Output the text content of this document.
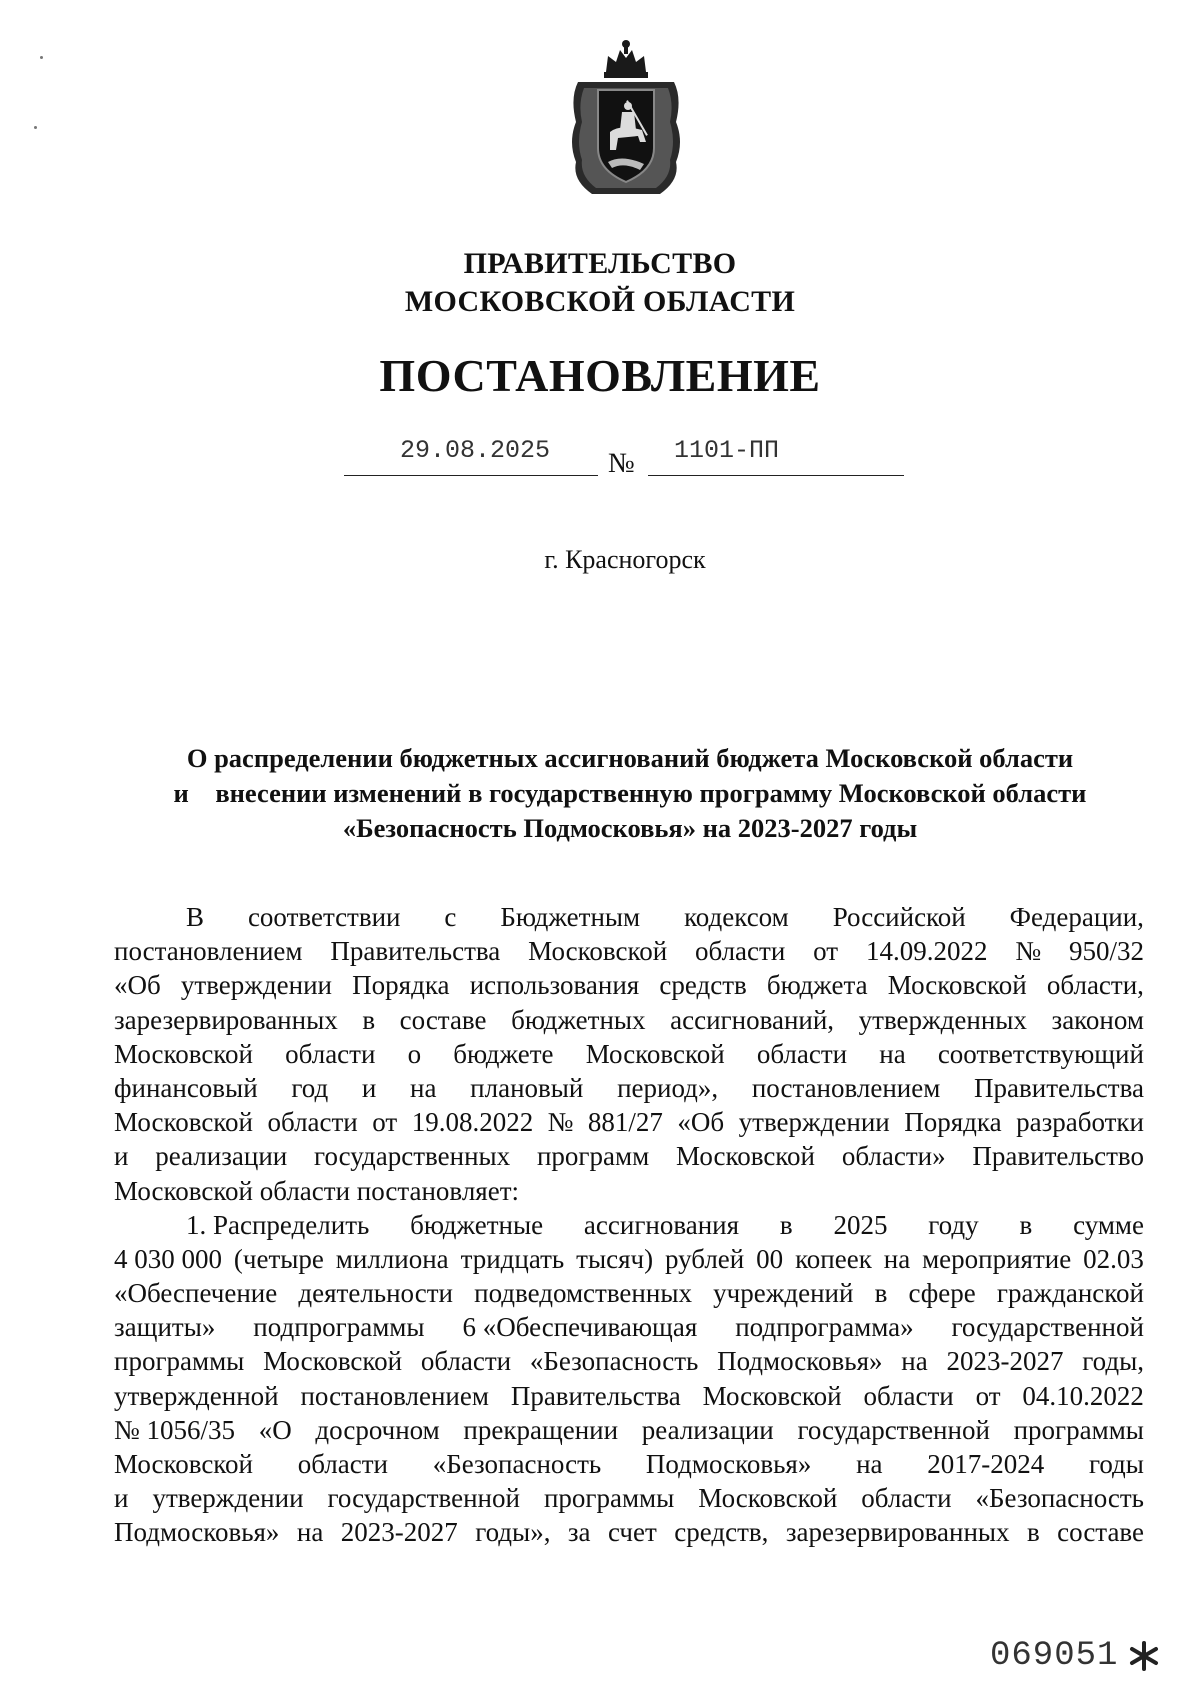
ПРАВИТЕЛЬСТВО
МОСКОВСКОЙ ОБЛАСТИ
ПОСТАНОВЛЕНИЕ
29.08.2025 № 1101-ПП
г. Красногорск
О распределении бюджетных ассигнований бюджета Московской области
и    внесении изменений в государственную программу Московской области
«Безопасность Подмосковья» на 2023-2027 годы
В соответствии с Бюджетным кодексом Российской Федерации,
постановлением Правительства Московской области от 14.09.2022 № 950/32
«Об утверждении Порядка использования средств бюджета Московской области,
зарезервированных в составе бюджетных ассигнований, утвержденных законом
Московской области о бюджете Московской области на соответствующий
финансовый год и на плановый период», постановлением Правительства
Московской области от 19.08.2022 № 881/27 «Об утверждении Порядка разработки
и реализации государственных программ Московской области» Правительство
Московской области постановляет:
1. Распределить бюджетные ассигнования в 2025 году в сумме
4 030 000 (четыре миллиона тридцать тысяч) рублей 00 копеек на мероприятие 02.03
«Обеспечение деятельности подведомственных учреждений в сфере гражданской
защиты» подпрограммы 6 «Обеспечивающая подпрограмма» государственной
программы Московской области «Безопасность Подмосковья» на 2023-2027 годы,
утвержденной постановлением Правительства Московской области от 04.10.2022
№ 1056/35 «О досрочном прекращении реализации государственной программы
Московской области «Безопасность Подмосковья» на 2017-2024 годы
и утверждении государственной программы Московской области «Безопасность
Подмосковья» на 2023-2027 годы», за счет средств, зарезервированных в составе
069051
